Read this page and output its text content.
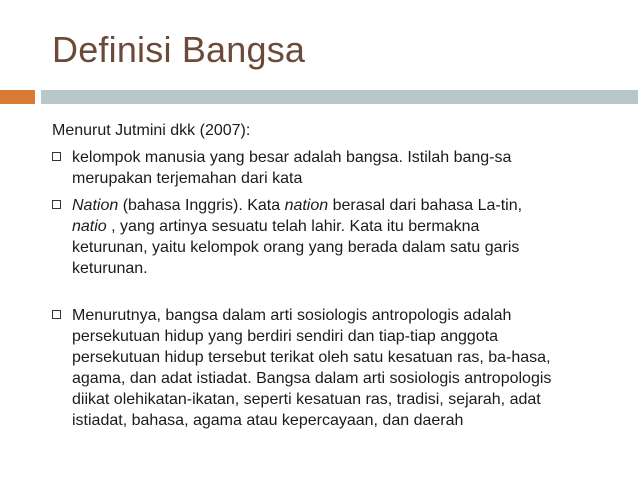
Definisi Bangsa

Menurut Jutmini dkk (2007):

kelompok manusia yang besar adalah bangsa. Istilah bang-sa
merupakan terjemahan dari kata
Nation (bahasa Inggris). Kata nation berasal dari bahasa La-tin,
natio , yang artinya sesuatu telah lahir. Kata itu bermakna
keturunan, yaitu kelompok orang yang berada dalam satu garis
keturunan.
Menurutnya, bangsa dalam arti sosiologis antropologis adalah
persekutuan hidup yang berdiri sendiri dan tiap-tiap anggota
persekutuan hidup tersebut terikat oleh satu kesatuan ras, ba-hasa,
agama, dan adat istiadat. Bangsa dalam arti sosiologis antropologis
diikat olehikatan-ikatan, seperti kesatuan ras, tradisi, sejarah, adat
istiadat, bahasa, agama atau kepercayaan, dan daerah
